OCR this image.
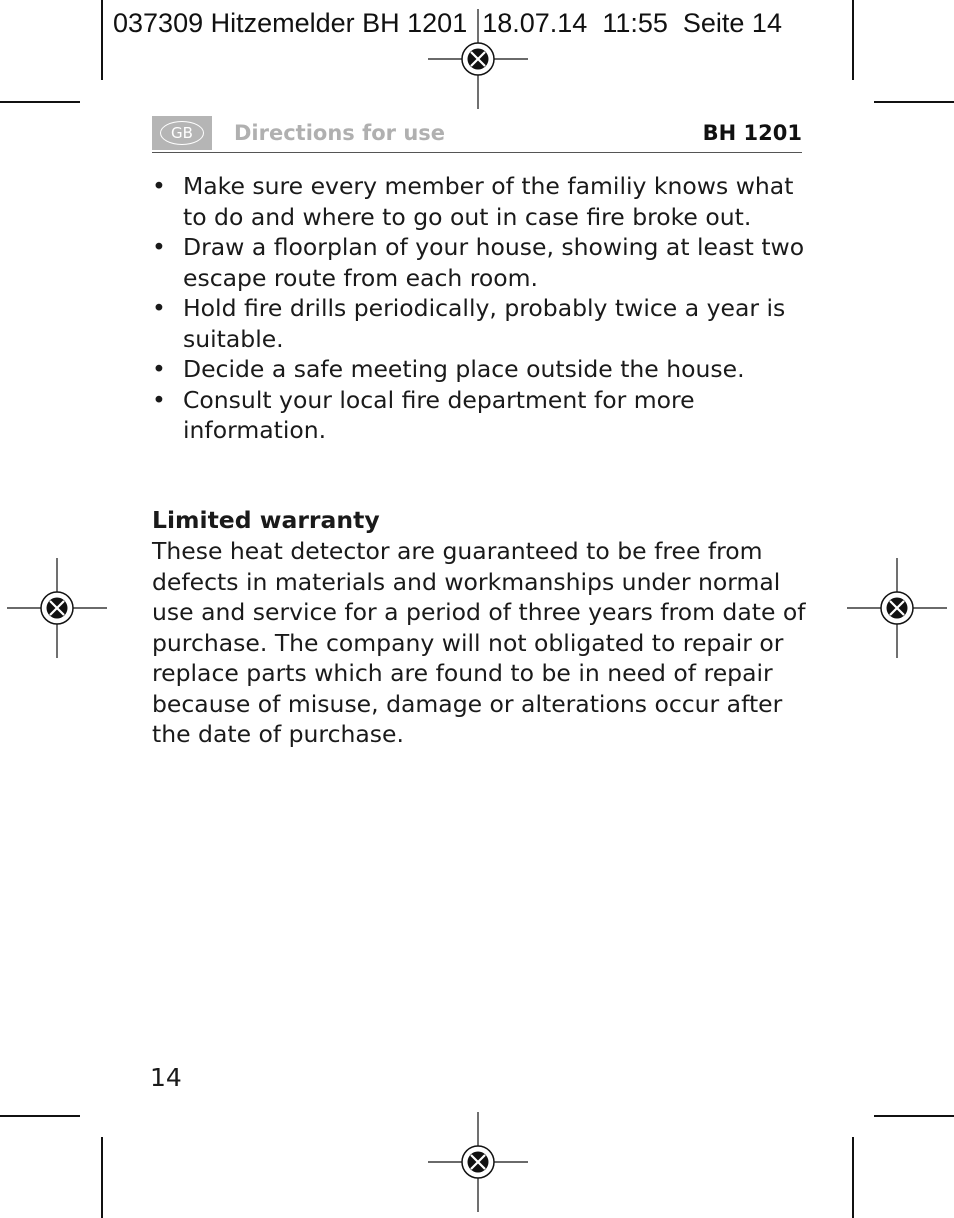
037309 Hitzemelder BH 1201  18.07.14  11:55  Seite 14
GB	Directions for use	BH 1201
• Make sure every member of the familiy knows what to do and where to go out in case fire broke out.
• Draw a floorplan of your house, showing at least two escape route from each room.
• Hold fire drills periodically, probably twice a year is suitable.
• Decide a safe meeting place outside the house.
• Consult your local fire department for more information.
Limited warranty
These heat detector are guaranteed to be free from defects in materials and workmanships under normal use and service for a period of three years from date of purchase. The company will not obligated to repair or replace parts which are found to be in need of repair because of misuse, damage or alterations occur after the date of purchase.
14
